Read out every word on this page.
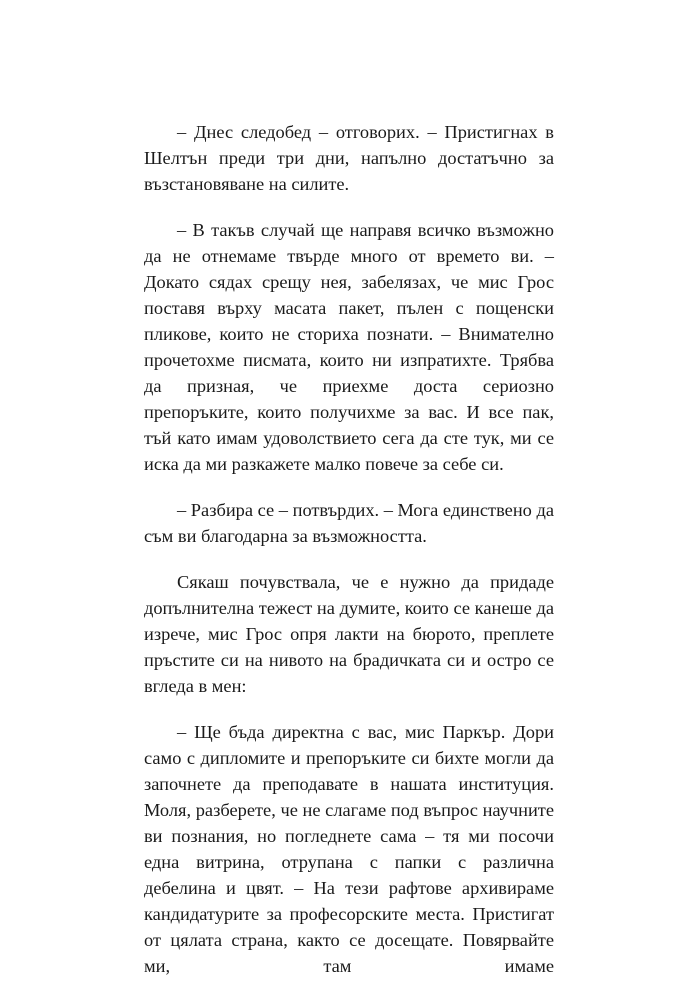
– Днес следобед – отговорих. – Пристигнах в Шелтън преди три дни, напълно достатъчно за възстановяване на силите.

– В такъв случай ще направя всичко възможно да не отнемаме твърде много от времето ви. – Докато сядах срещу нея, забелязах, че мис Грос поставя върху масата пакет, пълен с пощенски пликове, които не сториха познати. – Внимателно прочетохме писмата, които ни изпратихте. Трябва да призная, че приехме доста сериозно препоръките, които получихме за вас. И все пак, тъй като имам удоволствието сега да сте тук, ми се иска да ми разкажете малко повече за себе си.

– Разбира се – потвърдих. – Мога единствено да съм ви благодарна за възможността.

Сякаш почувствала, че е нужно да придаде допълнителна тежест на думите, които се канеше да изрече, мис Грос опря лакти на бюрото, преплете пръстите си на нивото на брадичката си и остро се вгледа в мен:

– Ще бъда директна с вас, мис Паркър. Дори само с дипломите и препоръките си бихте могли да започнете да преподавате в нашата институция. Моля, разберете, че не слагаме под въпрос научните ви познания, но погледнете сама – тя ми посочи една витрина, отрупана с папки с различна дебелина и цвят. – На тези рафтове архивираме кандидатурите за професорските места. Пристигат от цялата страна, както се досещате. Повярвайте ми, там имаме
